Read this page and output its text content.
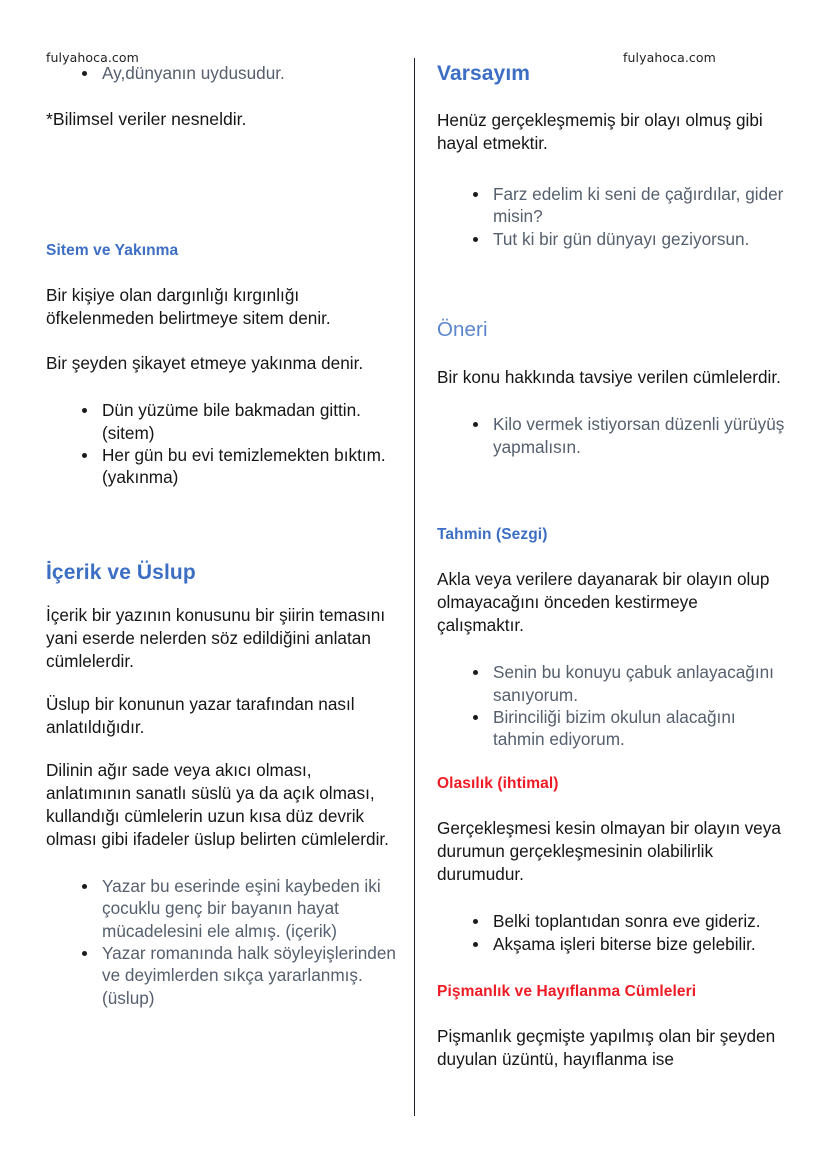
fulyahoca.com	fulyahoca.com
Ay,dünyanın uydusudur.

*Bilimsel veriler nesneldir.

Sitem ve Yakınma

Bir kişiye olan dargınlığı kırgınlığı öfkelenmeden belirtmeye sitem denir.

Bir şeyden şikayet etmeye yakınma denir.

Dün yüzüme bile bakmadan gittin. (sitem)
Her gün bu evi temizlemekten bıktım. (yakınma)
İçerik ve Üslup

İçerik bir yazının konusunu bir şiirin temasını yani eserde nelerden söz edildiğini anlatan cümlelerdir.

Üslup bir konunun yazar tarafından nasıl anlatıldığıdır.

Dilinin ağır sade veya akıcı olması, anlatımının sanatlı süslü ya da açık olması, kullandığı cümlelerin uzun kısa düz devrik olması gibi ifadeler üslup belirten cümlelerdir.

Yazar bu eserinde eşini kaybeden iki çocuklu genç bir bayanın hayat mücadelesini ele almış. (içerik)
Yazar romanında halk söyleyişlerinden ve deyimlerden sıkça yararlanmış. (üslup)
Varsayım

Henüz gerçekleşmemiş bir olayı olmuş gibi hayal etmektir.

Farz edelim ki seni de çağırdılar, gider misin?
Tut ki bir gün dünyayı geziyorsun.
Öneri

Bir konu hakkında tavsiye verilen cümlelerdir.

Kilo vermek istiyorsan düzenli yürüyüş yapmalısın.
Tahmin (Sezgi)

Akla veya verilere dayanarak bir olayın olup olmayacağını önceden kestirmeye çalışmaktır.

Senin bu konuyu çabuk anlayacağını sanıyorum.
Birinciliği bizim okulun alacağını tahmin ediyorum.
Olasılık (ihtimal)

Gerçekleşmesi kesin olmayan bir olayın veya durumun gerçekleşmesinin olabilirlik durumudur.

Belki toplantıdan sonra eve gideriz.
Akşama işleri biterse bize gelebilir.
Pişmanlık ve Hayıflanma Cümleleri

Pişmanlık geçmişte yapılmış olan bir şeyden duyulan üzüntü, hayıflanma ise
